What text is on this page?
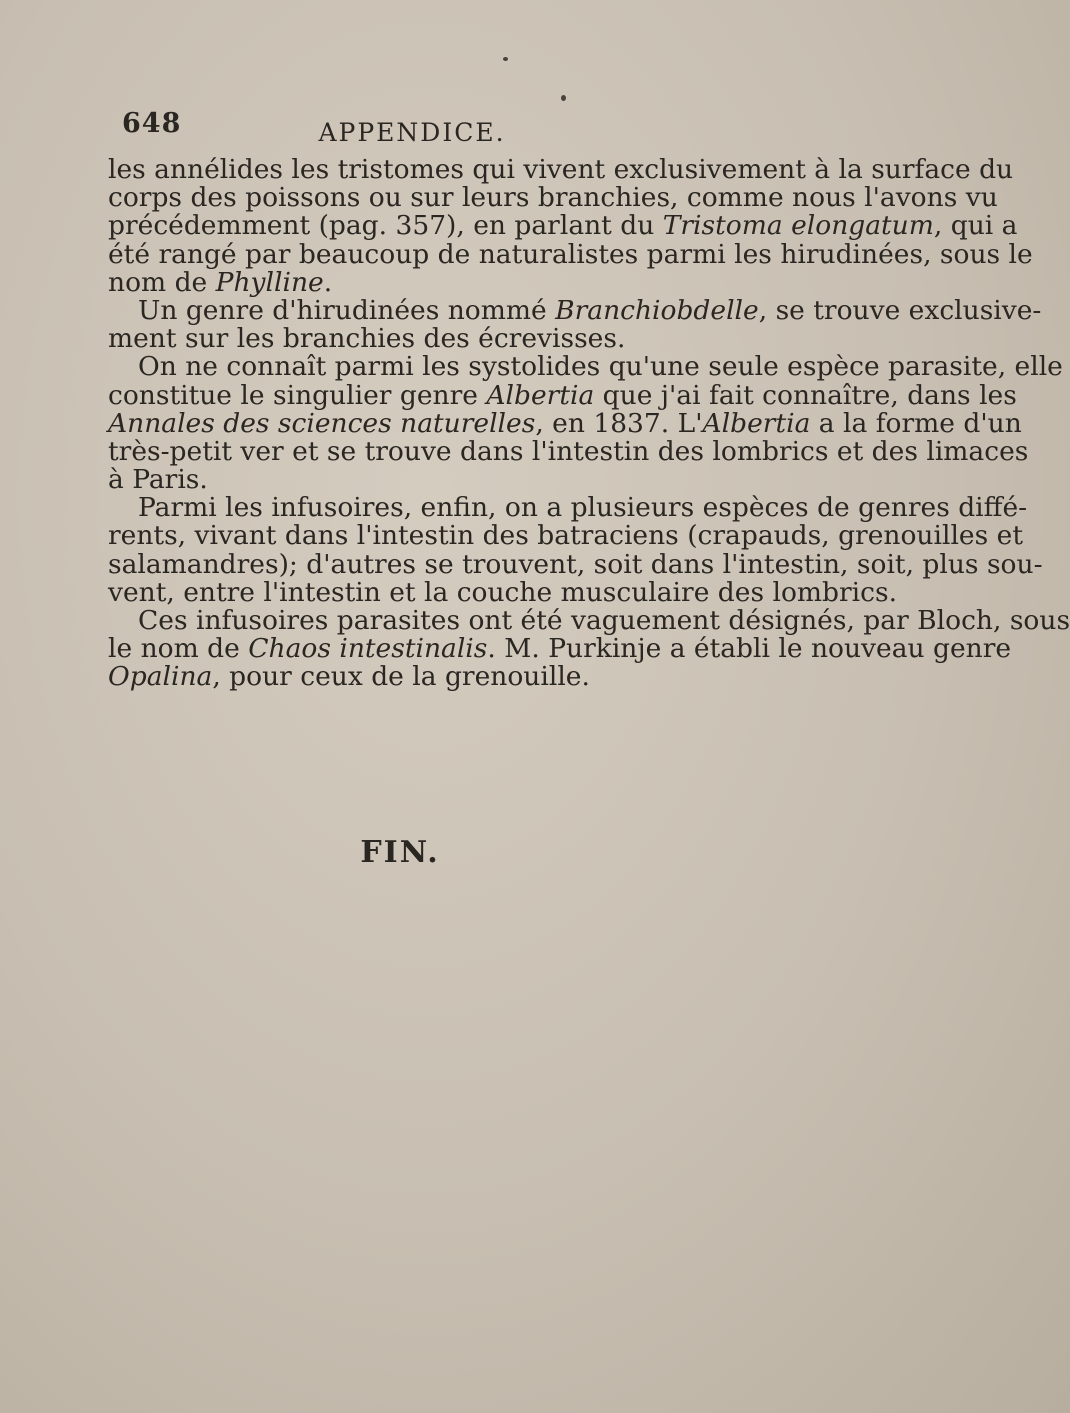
648	APPENDICE.
les annélides les tristomes qui vivent exclusivement à la surface du
corps des poissons ou sur leurs branchies, comme nous l'avons vu
précédemment (pag. 357), en parlant du Tristoma elongatum, qui a
été rangé par beaucoup de naturalistes parmi les hirudinées, sous le
nom de Phylline.
Un genre d'hirudinées nommé Branchiobdelle, se trouve exclusive-
ment sur les branchies des écrevisses.
On ne connaît parmi les systolides qu'une seule espèce parasite, elle
constitue le singulier genre Albertia que j'ai fait connaître, dans les
Annales des sciences naturelles, en 1837. L'Albertia a la forme d'un
très-petit ver et se trouve dans l'intestin des lombrics et des limaces
à Paris.
Parmi les infusoires, enfin, on a plusieurs espèces de genres diffé-
rents, vivant dans l'intestin des batraciens (crapauds, grenouilles et
salamandres); d'autres se trouvent, soit dans l'intestin, soit, plus sou-
vent, entre l'intestin et la couche musculaire des lombrics.
Ces infusoires parasites ont été vaguement désignés, par Bloch, sous
le nom de Chaos intestinalis. M. Purkinje a établi le nouveau genre
Opalina, pour ceux de la grenouille.
FIN.
